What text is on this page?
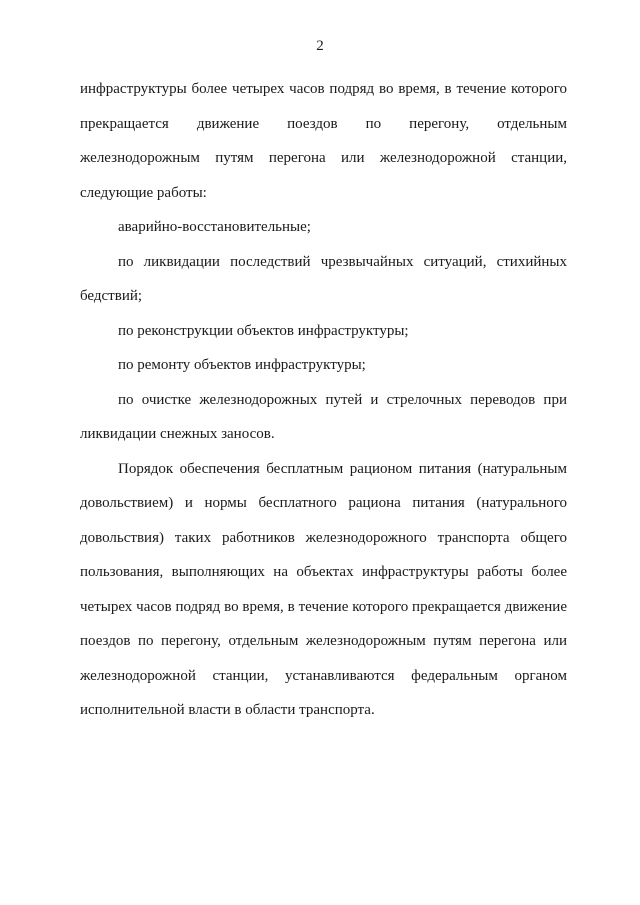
2

инфраструктуры более четырех часов подряд во время, в течение которого прекращается движение поездов по перегону, отдельным железнодорожным путям перегона или железнодорожной станции, следующие работы:

аварийно-восстановительные;

по ликвидации последствий чрезвычайных ситуаций, стихийных бедствий;

по реконструкции объектов инфраструктуры;

по ремонту объектов инфраструктуры;

по очистке железнодорожных путей и стрелочных переводов при ликвидации снежных заносов.

Порядок обеспечения бесплатным рационом питания (натуральным довольствием) и нормы бесплатного рациона питания (натурального довольствия) таких работников железнодорожного транспорта общего пользования, выполняющих на объектах инфраструктуры работы более четырех часов подряд во время, в течение которого прекращается движение поездов по перегону, отдельным железнодорожным путям перегона или железнодорожной станции, устанавливаются федеральным органом исполнительной власти в области транспорта.
